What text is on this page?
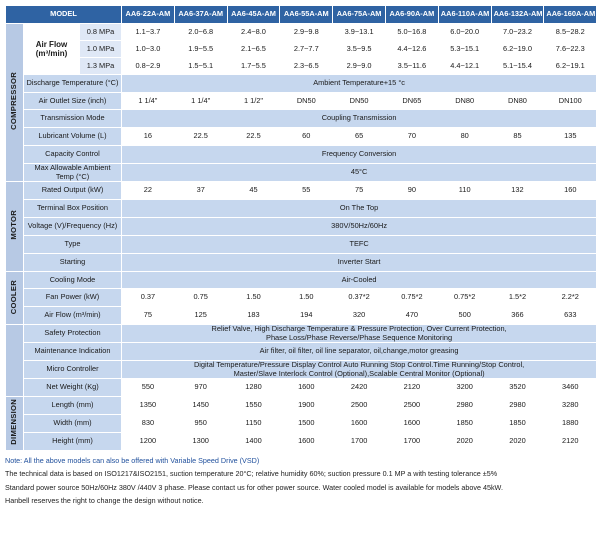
MODEL			AA6-22A-AM	AA6-37A-AM	AA6-45A-AM	AA6-55A-AM	AA6-75A-AM	AA6-90A-AM	AA6-110A-AM	AA6-132A-AM	AA6-160A-AM
COMPRESSOR	Air Flow
(m³/min)	0.8 MPa	1.1~3.7	2.0~6.8	2.4~8.0	2.9~9.8	3.9~13.1	5.0~16.8	6.0~20.0	7.0~23.2	8.5~28.2
		1.0 MPa	1.0~3.0	1.9~5.5	2.1~6.5	2.7~7.7	3.5~9.5	4.4~12.6	5.3~15.1	6.2~19.0	7.6~22.3
		1.3 MPa	0.8~2.9	1.5~5.1	1.7~5.5	2.3~6.5	2.9~9.0	3.5~11.6	4.4~12.1	5.1~15.4	6.2~19.1
	Discharge Temperature (°C)		Ambient Temperature+15 °c								
	Air Outlet Size (inch)		1 1/4"	1 1/4"	1 1/2"	DN50	DN50	DN65	DN80	DN80	DN100
	Transmission Mode		Coupling Transmission								
	Lubricant Volume (L)		16	22.5	22.5	60	65	70	80	85	135
	Capacity Control		Frequency Conversion								
	Max Allowable Ambient Temp (°C)		45°C								
MOTOR	Rated Output (kW)		22	37	45	55	75	90	110	132	160
	Terminal Box Position		On The Top								
	Voltage (V)/Frequency (Hz)		380V/50Hz/60Hz								
	Type		TEFC								
	Starting		Inverter Start								
COOLER	Cooling Mode		Air-Cooled								
	Fan Power (kW)		0.37	0.75	1.50	1.50	0.37*2	0.75*2	0.75*2	1.5*2	2.2*2
	Air Flow (m³/min)		75	125	183	194	320	470	500	366	633
	Safety Protection		Relief Valve, High Discharge Temperature & Pressure Protection, Over Current Protection,
Phase Loss/Phase Reverse/Phase Sequence Monitoring								

	Maintenance Indication		Air filter, oil filter, oil line separator, oil,change,motor greasing								
	Micro Controller		Digital Temperature/Pressure Display Control Auto Running Stop Control.Time Running/Stop Control,
Master/Slave Interlock Control (Optional),Scalable Central Monitor (Optional)								

	Net Weight (Kg)		550	970	1280	1600	2420	2120	3200	3520	3460
DIMENSION	Length (mm)		1350	1450	1550	1900	2500	2500	2980	2980	3280
	Width (mm)		830	950	1150	1500	1600	1600	1850	1850	1880
	Height (mm)		1200	1300	1400	1600	1700	1700	2020	2020	2120
Note: All the above models can also be offered with Variable Speed Drive (VSD)
The technical data is based on ISO1217&ISO2151, suction temperature 20°C; relative humidity 60%; suction pressure 0.1 MP a with testing tolerance ±5%
Standard power source 50Hz/60Hz 380V /440V 3 phase. Please contact us for other power source. Water cooled model is available for models above 45kW.
Hanbell reserves the right to change the design without notice.
